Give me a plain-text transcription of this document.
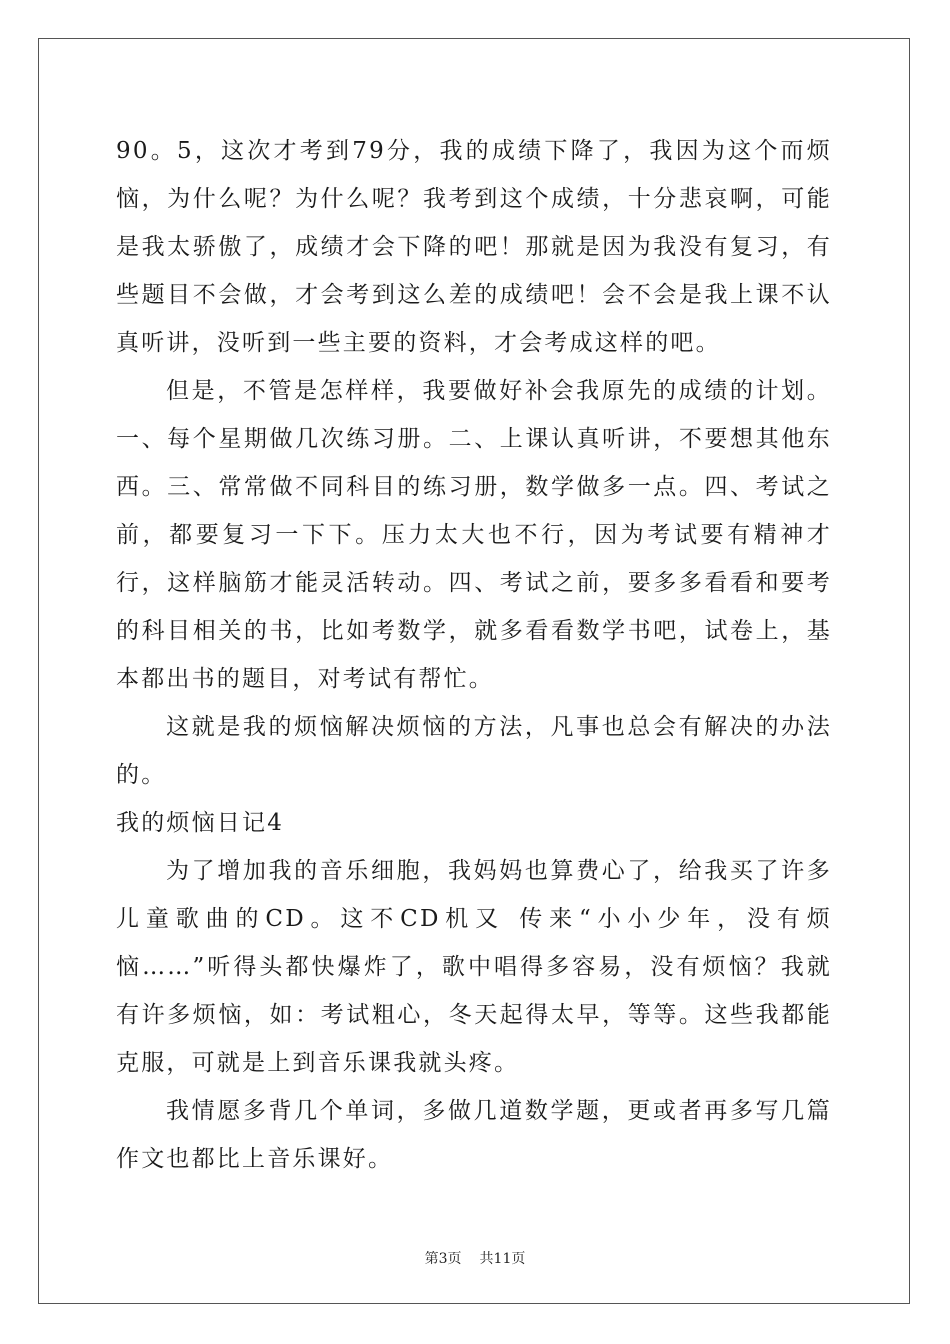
90。5，这次才考到79分，我的成绩下降了，我因为这个而烦恼，为什么呢？为什么呢？我考到这个成绩，十分悲哀啊，可能是我太骄傲了，成绩才会下降的吧！那就是因为我没有复习，有些题目不会做，才会考到这么差的成绩吧！会不会是我上课不认真听讲，没听到一些主要的资料，才会考成这样的吧。

但是，不管是怎样样，我要做好补会我原先的成绩的计划。一、每个星期做几次练习册。二、上课认真听讲，不要想其他东西。三、常常做不同科目的练习册，数学做多一点。四、考试之前，都要复习一下下。压力太大也不行，因为考试要有精神才行，这样脑筋才能灵活转动。四、考试之前，要多多看看和要考的科目相关的书，比如考数学，就多看看数学书吧，试卷上，基本都出书的题目，对考试有帮忙。

这就是我的烦恼解决烦恼的方法，凡事也总会有解决的办法的。

我的烦恼日记4

为了增加我的音乐细胞，我妈妈也算费心了，给我买了许多儿童歌曲的CD。这不CD机又 传来“小小少年，没有烦恼……”听得头都快爆炸了，歌中唱得多容易，没有烦恼？我就有许多烦恼，如：考试粗心，冬天起得太早，等等。这些我都能克服，可就是上到音乐课我就头疼。

我情愿多背几个单词，多做几道数学题，更或者再多写几篇作文也都比上音乐课好。

第3页 共11页
